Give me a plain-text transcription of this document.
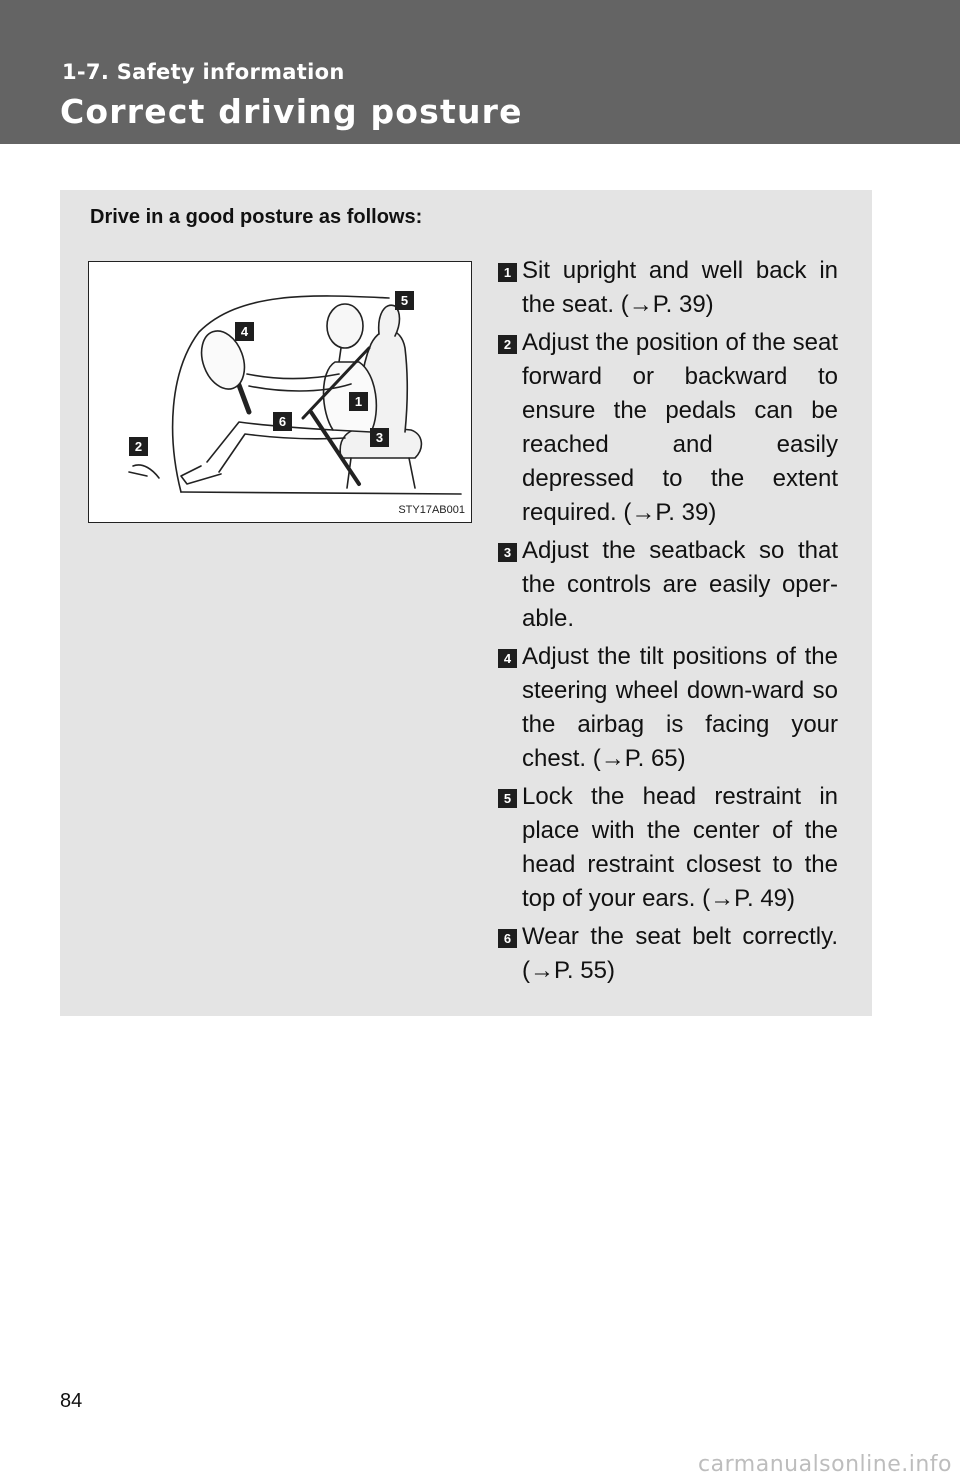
1-7. Safety information
Correct driving posture
Drive in a good posture as follows:
1
2
3
4
5
6
STY17AB001
1 Sit upright and well back in the seat. (→P. 39)
2 Adjust the position of the seat forward or backward to ensure the pedals can be reached and easily depressed to the extent required. (→P. 39)
3 Adjust the seatback so that the controls are easily oper-able.
4 Adjust the tilt positions of the steering wheel down-ward so the airbag is facing your chest. (→P. 65)
5 Lock the head restraint in place with the center of the head restraint closest to the top of your ears. (→P. 49)
6 Wear the seat belt correctly. (→P. 55)
84
carmanualsonline.info
